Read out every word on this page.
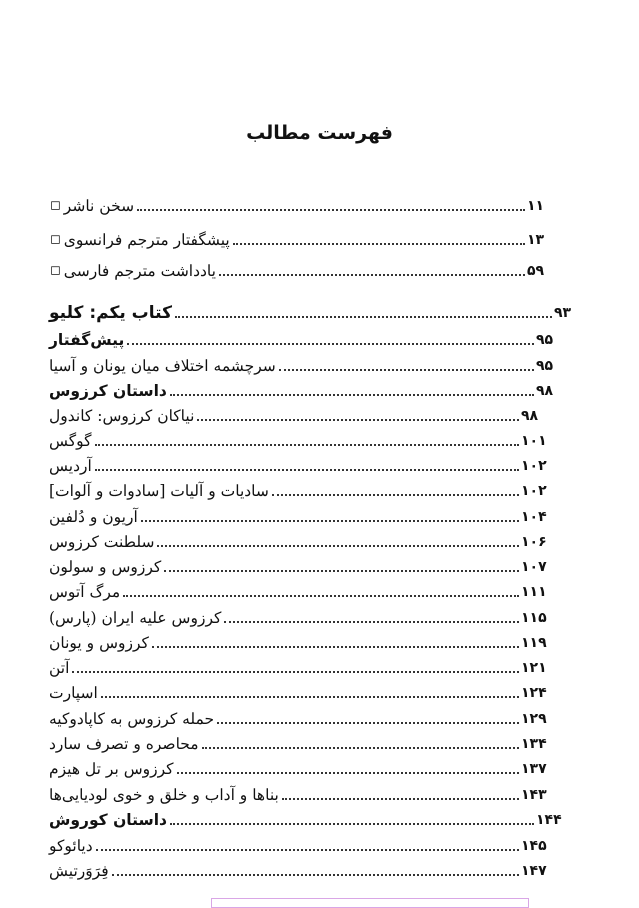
فهرست مطالب
◻ سخن ناشر	۱۱
◻ پیشگفتار مترجم فرانسوی	۱۳
◻ یادداشت مترجم فارسی	۵۹
کتاب یکم: کلیو	۹۳
پیش‌گفتار	۹۵
سرچشمه اختلاف میان یونان و آسیا	۹۵
داستان کرزوس	۹۸
نیاکان کرزوس: کاندول	۹۸
گوگس	۱۰۱
آردیس	۱۰۲
سادیات و آلیات [سادوات و آلوات]	۱۰۲
آریون و دُلفین	۱۰۴
سلطنت کرزوس	۱۰۶
کرزوس و سولون	۱۰۷
مرگ آتوس	۱۱۱
کرزوس علیه ایران (پارس)	۱۱۵
کرزوس و یونان	۱۱۹
آتن	۱۲۱
اسپارت	۱۲۴
حمله کرزوس به کاپادوکیه	۱۲۹
محاصره و تصرف سارد	۱۳۴
کرزوس بر تل هیزم	۱۳۷
بناها و آداب و خلق و خوی لودیایی‌ها	۱۴۳
داستان کوروش	۱۴۴
دیائوکو	۱۴۵
فِرَوَرتیش	۱۴۷
